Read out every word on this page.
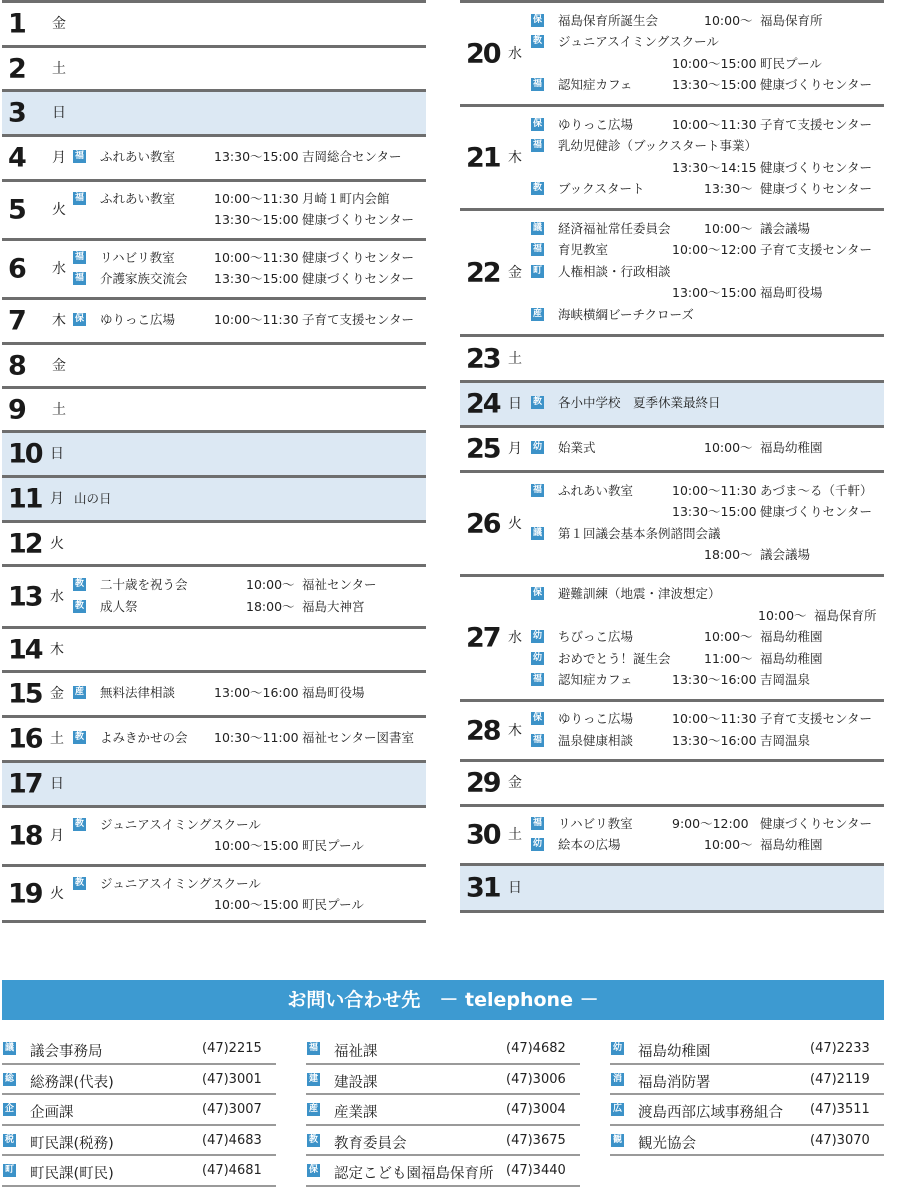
1 金
2 土
3 日
4 月 福 ふれあい教室	13:30〜15:00 吉岡総合センター
5 火
福 ふれあい教室	10:00〜11:30 月崎１町内会館
13:30〜15:00 健康づくりセンター
6 水
福 リハビリ教室	10:00〜11:30 健康づくりセンター
福 介護家族交流会 13:30〜15:00 健康づくりセンター
7 木 保 ゆりっこ広場	10:00〜11:30 子育て支援センター
8 金
9 土
10 日
11 月 山の日
12 火
13 水
教 二十歳を祝う会	10:00〜 福祉センター
教 成人祭	18:00〜 福島大神宮
14 木
15 金 産 無料法律相談	13:00〜16:00 福島町役場
16 土 教 よみきかせの会 10:30〜11:00 福祉センター図書室
17 日
18 月
教 ジュニアスイミングスクール
10:00〜15:00 町民プール
19 火
教 ジュニアスイミングスクール
10:00〜15:00 町民プール
20 水
保 福島保育所誕生会	10:00〜 福島保育所
教 ジュニアスイミングスクール
10:00〜15:00 町民プール
福 認知症カフェ	13:30〜15:00 健康づくりセンター
21 木
保 ゆりっこ広場	10:00〜11:30 子育て支援センター
福 乳幼児健診（ブックスタート事業）
13:30〜14:15 健康づくりセンター
教 ブックスタート	13:30〜 健康づくりセンター
22 金
議 経済福祉常任委員会	10:00〜 議会議場
福 育児教室	10:00〜12:00 子育て支援センター
町 人権相談・行政相談
13:00〜15:00 福島町役場
産 海峡横綱ビーチクローズ
23 土
24 日 教 各小中学校　夏季休業最終日
25 月 幼 始業式	10:00〜 福島幼稚園
26 火
福 ふれあい教室	10:00〜11:30 あづま〜る（千軒）
13:30〜15:00 健康づくりセンター
議 第１回議会基本条例諮問会議
18:00〜 議会議場
27 水
保 避難訓練（地震・津波想定）
10:00〜 福島保育所
幼 ちびっこ広場	10:00〜 福島幼稚園
幼 おめでとう！誕生会	11:00〜 福島幼稚園
福 認知症カフェ	13:30〜16:00 吉岡温泉
28 木
保 ゆりっこ広場	10:00〜11:30 子育て支援センター
福 温泉健康相談	13:30〜16:00 吉岡温泉
29 金
30 土
福 リハビリ教室	9:00〜12:00 健康づくりセンター
幼 絵本の広場	10:00〜 福島幼稚園
31 日
お問い合わせ先　－ telephone －
議 議会事務局	(47)2215
総 総務課(代表)	(47)3001
企 企画課	(47)3007
税 町民課(税務)	(47)4683
町 町民課(町民)	(47)4681
福 福祉課	(47)4682
建 建設課	(47)3006
産 産業課	(47)3004
教 教育委員会	(47)3675
保 認定こども園福島保育所 (47)3440
幼 福島幼稚園	(47)2233
消 福島消防署	(47)2119
広 渡島西部広域事務組合 (47)3511
観 観光協会	(47)3070
